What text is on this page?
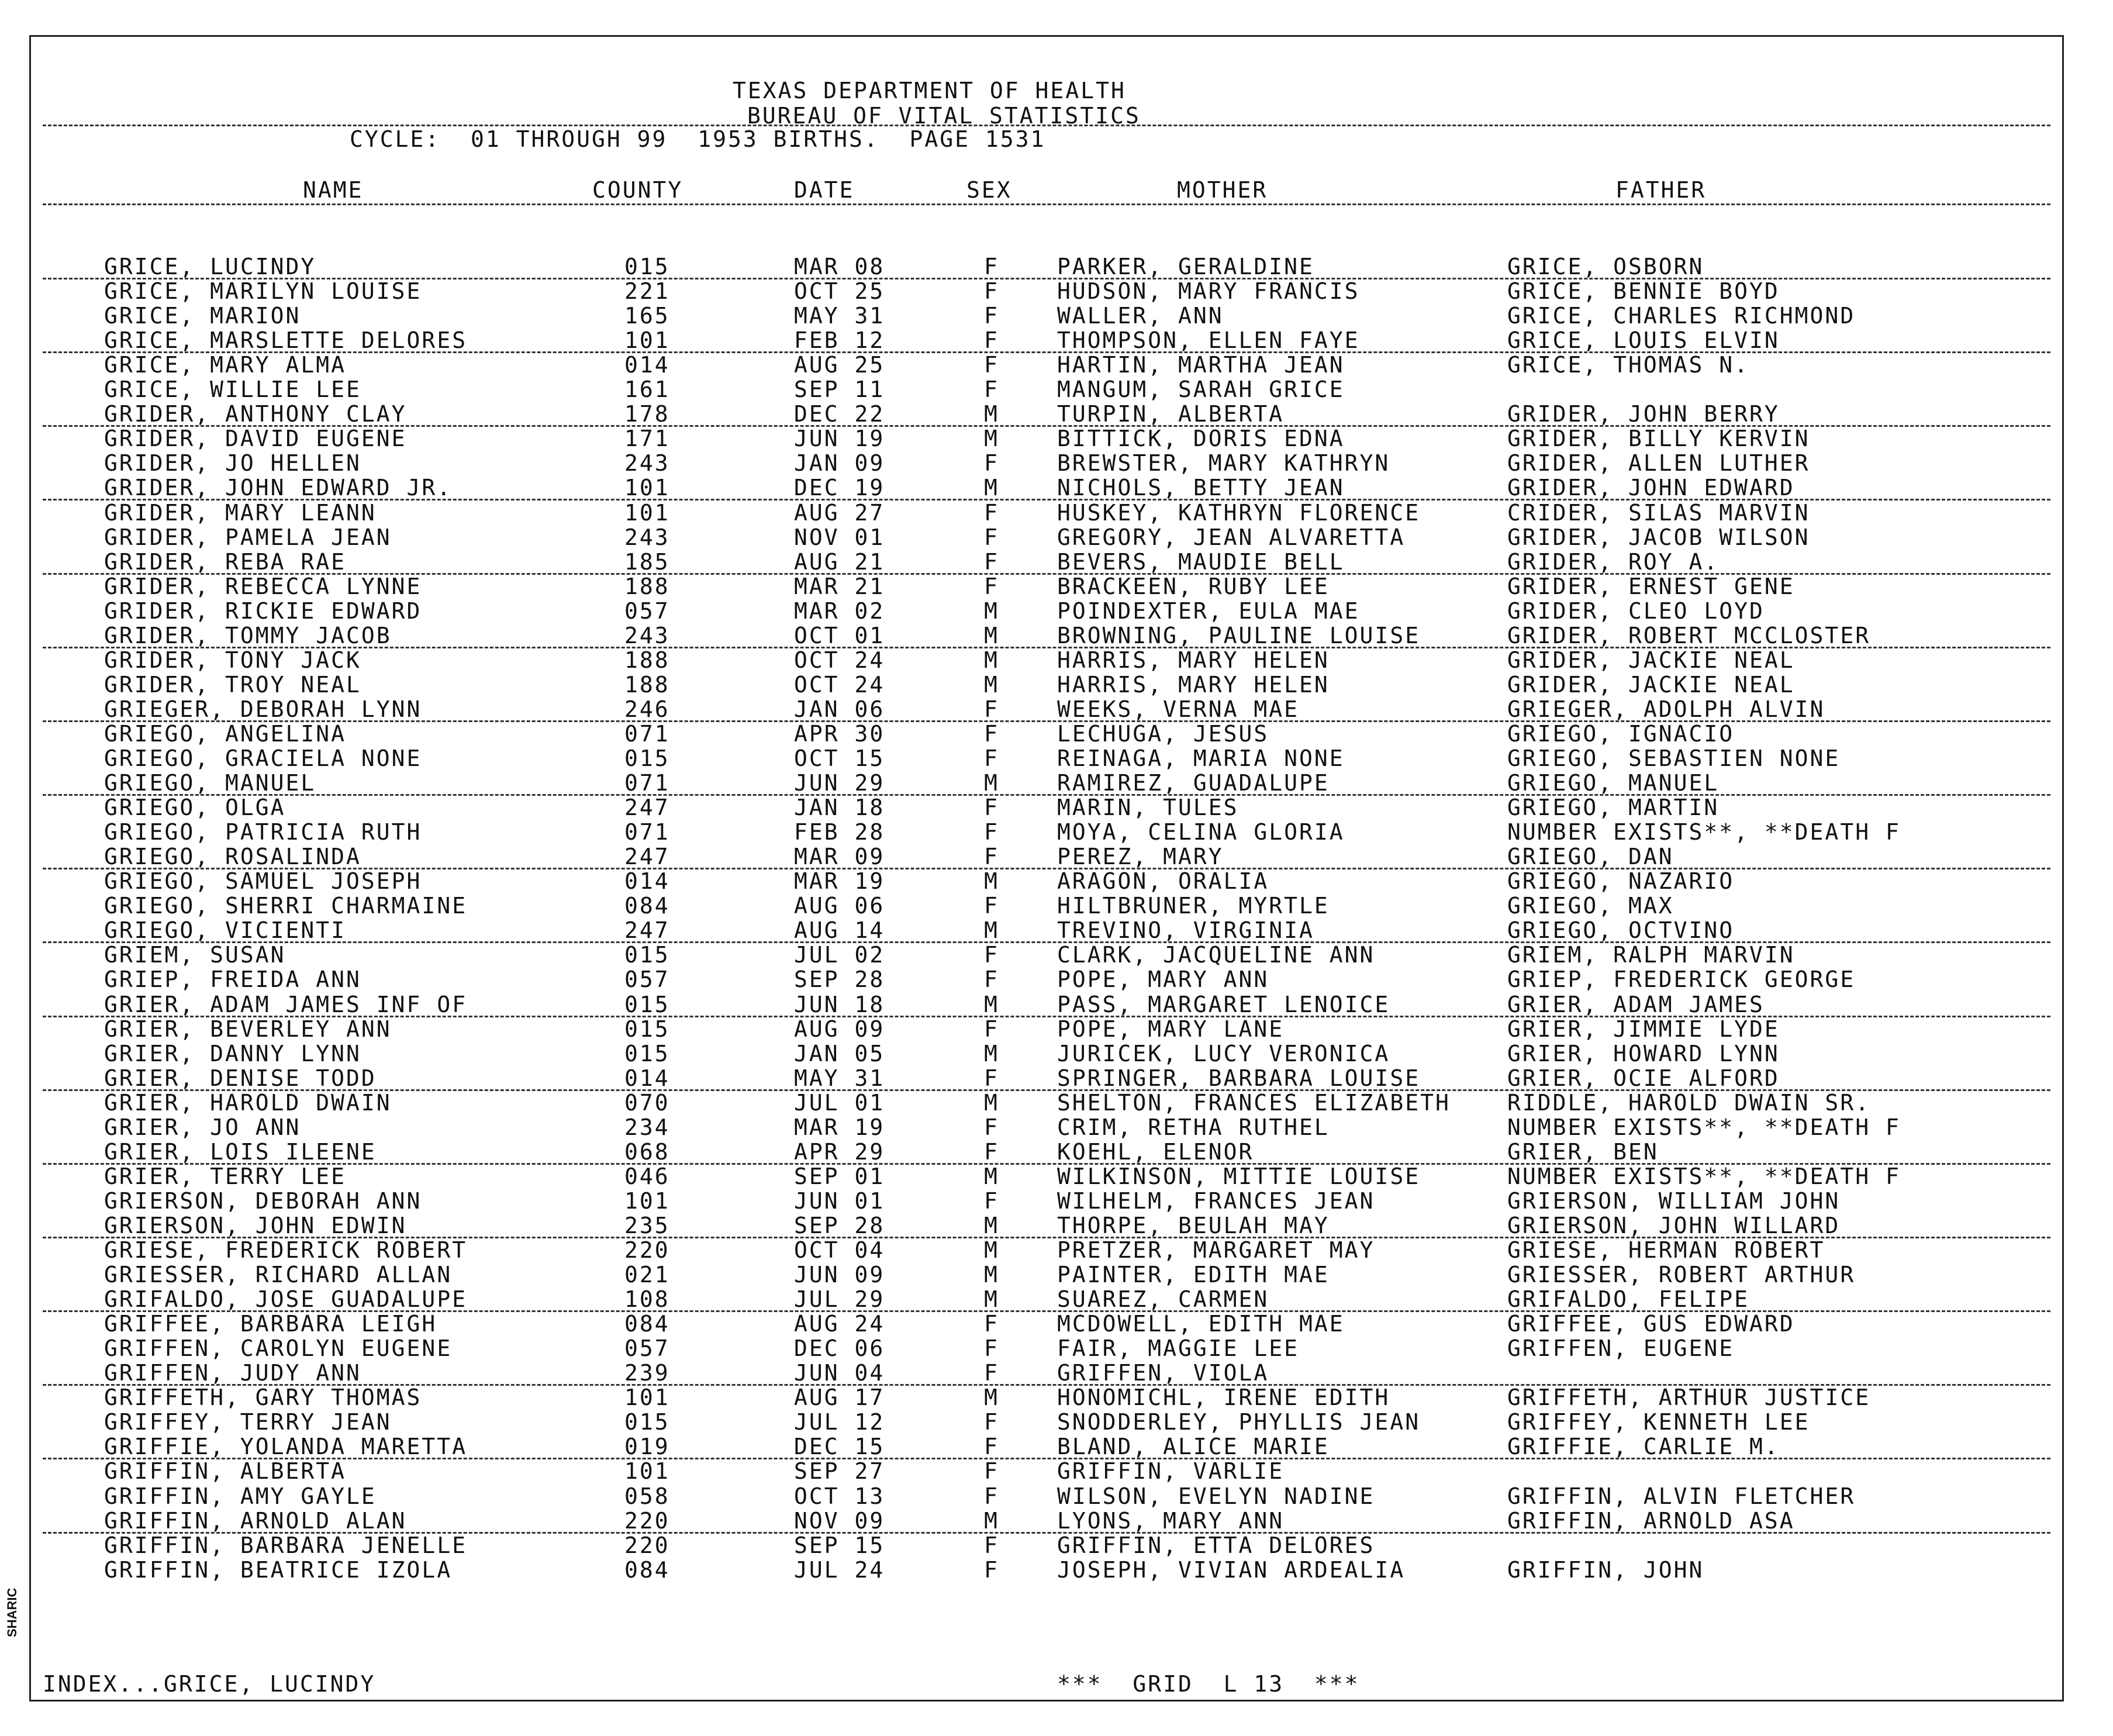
TEXAS DEPARTMENT OF HEALTH
BUREAU OF VITAL STATISTICS
CYCLE:  01 THROUGH 99  1953 BIRTHS.  PAGE 1531
NAME	COUNTY	DATE	SEX	MOTHER	FATHER
GRICE, LUCINDY	015	MAR 08	F	PARKER, GERALDINE	GRICE, OSBORN
GRICE, MARILYN LOUISE	221	OCT 25	F	HUDSON, MARY FRANCIS	GRICE, BENNIE BOYD
GRICE, MARION	165	MAY 31	F	WALLER, ANN	GRICE, CHARLES RICHMOND
GRICE, MARSLETTE DELORES	101	FEB 12	F	THOMPSON, ELLEN FAYE	GRICE, LOUIS ELVIN
GRICE, MARY ALMA	014	AUG 25	F	HARTIN, MARTHA JEAN	GRICE, THOMAS N.
GRICE, WILLIE LEE	161	SEP 11	F	MANGUM, SARAH GRICE
GRIDER, ANTHONY CLAY	178	DEC 22	M	TURPIN, ALBERTA	GRIDER, JOHN BERRY
GRIDER, DAVID EUGENE	171	JUN 19	M	BITTICK, DORIS EDNA	GRIDER, BILLY KERVIN
GRIDER, JO HELLEN	243	JAN 09	F	BREWSTER, MARY KATHRYN	GRIDER, ALLEN LUTHER
GRIDER, JOHN EDWARD JR.	101	DEC 19	M	NICHOLS, BETTY JEAN	GRIDER, JOHN EDWARD
GRIDER, MARY LEANN	101	AUG 27	F	HUSKEY, KATHRYN FLORENCE	CRIDER, SILAS MARVIN
GRIDER, PAMELA JEAN	243	NOV 01	F	GREGORY, JEAN ALVARETTA	GRIDER, JACOB WILSON
GRIDER, REBA RAE	185	AUG 21	F	BEVERS, MAUDIE BELL	GRIDER, ROY A.
GRIDER, REBECCA LYNNE	188	MAR 21	F	BRACKEEN, RUBY LEE	GRIDER, ERNEST GENE
GRIDER, RICKIE EDWARD	057	MAR 02	M	POINDEXTER, EULA MAE	GRIDER, CLEO LOYD
GRIDER, TOMMY JACOB	243	OCT 01	M	BROWNING, PAULINE LOUISE	GRIDER, ROBERT MCCLOSTER
GRIDER, TONY JACK	188	OCT 24	M	HARRIS, MARY HELEN	GRIDER, JACKIE NEAL
GRIDER, TROY NEAL	188	OCT 24	M	HARRIS, MARY HELEN	GRIDER, JACKIE NEAL
GRIEGER, DEBORAH LYNN	246	JAN 06	F	WEEKS, VERNA MAE	GRIEGER, ADOLPH ALVIN
GRIEGO, ANGELINA	071	APR 30	F	LECHUGA, JESUS	GRIEGO, IGNACIO
GRIEGO, GRACIELA NONE	015	OCT 15	F	REINAGA, MARIA NONE	GRIEGO, SEBASTIEN NONE
GRIEGO, MANUEL	071	JUN 29	M	RAMIREZ, GUADALUPE	GRIEGO, MANUEL
GRIEGO, OLGA	247	JAN 18	F	MARIN, TULES	GRIEGO, MARTIN
GRIEGO, PATRICIA RUTH	071	FEB 28	F	MOYA, CELINA GLORIA	NUMBER EXISTS**, **DEATH F
GRIEGO, ROSALINDA	247	MAR 09	F	PEREZ, MARY	GRIEGO, DAN
GRIEGO, SAMUEL JOSEPH	014	MAR 19	M	ARAGON, ORALIA	GRIEGO, NAZARIO
GRIEGO, SHERRI CHARMAINE	084	AUG 06	F	HILTBRUNER, MYRTLE	GRIEGO, MAX
GRIEGO, VICIENTI	247	AUG 14	M	TREVINO, VIRGINIA	GRIEGO, OCTVINO
GRIEM, SUSAN	015	JUL 02	F	CLARK, JACQUELINE ANN	GRIEM, RALPH MARVIN
GRIEP, FREIDA ANN	057	SEP 28	F	POPE, MARY ANN	GRIEP, FREDERICK GEORGE
GRIER, ADAM JAMES INF OF	015	JUN 18	M	PASS, MARGARET LENOICE	GRIER, ADAM JAMES
GRIER, BEVERLEY ANN	015	AUG 09	F	POPE, MARY LANE	GRIER, JIMMIE LYDE
GRIER, DANNY LYNN	015	JAN 05	M	JURICEK, LUCY VERONICA	GRIER, HOWARD LYNN
GRIER, DENISE TODD	014	MAY 31	F	SPRINGER, BARBARA LOUISE	GRIER, OCIE ALFORD
GRIER, HAROLD DWAIN	070	JUL 01	M	SHELTON, FRANCES ELIZABETH	RIDDLE, HAROLD DWAIN SR.
GRIER, JO ANN	234	MAR 19	F	CRIM, RETHA RUTHEL	NUMBER EXISTS**, **DEATH F
GRIER, LOIS ILEENE	068	APR 29	F	KOEHL, ELENOR	GRIER, BEN
GRIER, TERRY LEE	046	SEP 01	M	WILKINSON, MITTIE LOUISE	NUMBER EXISTS**, **DEATH F
GRIERSON, DEBORAH ANN	101	JUN 01	F	WILHELM, FRANCES JEAN	GRIERSON, WILLIAM JOHN
GRIERSON, JOHN EDWIN	235	SEP 28	M	THORPE, BEULAH MAY	GRIERSON, JOHN WILLARD
GRIESE, FREDERICK ROBERT	220	OCT 04	M	PRETZER, MARGARET MAY	GRIESE, HERMAN ROBERT
GRIESSER, RICHARD ALLAN	021	JUN 09	M	PAINTER, EDITH MAE	GRIESSER, ROBERT ARTHUR
GRIFALDO, JOSE GUADALUPE	108	JUL 29	M	SUAREZ, CARMEN	GRIFALDO, FELIPE
GRIFFEE, BARBARA LEIGH	084	AUG 24	F	MCDOWELL, EDITH MAE	GRIFFEE, GUS EDWARD
GRIFFEN, CAROLYN EUGENE	057	DEC 06	F	FAIR, MAGGIE LEE	GRIFFEN, EUGENE
GRIFFEN, JUDY ANN	239	JUN 04	F	GRIFFEN, VIOLA
GRIFFETH, GARY THOMAS	101	AUG 17	M	HONOMICHL, IRENE EDITH	GRIFFETH, ARTHUR JUSTICE
GRIFFEY, TERRY JEAN	015	JUL 12	F	SNODDERLEY, PHYLLIS JEAN	GRIFFEY, KENNETH LEE
GRIFFIE, YOLANDA MARETTA	019	DEC 15	F	BLAND, ALICE MARIE	GRIFFIE, CARLIE M.
GRIFFIN, ALBERTA	101	SEP 27	F	GRIFFIN, VARLIE
GRIFFIN, AMY GAYLE	058	OCT 13	F	WILSON, EVELYN NADINE	GRIFFIN, ALVIN FLETCHER
GRIFFIN, ARNOLD ALAN	220	NOV 09	M	LYONS, MARY ANN	GRIFFIN, ARNOLD ASA
GRIFFIN, BARBARA JENELLE	220	SEP 15	F	GRIFFIN, ETTA DELORES
GRIFFIN, BEATRICE IZOLA	084	JUL 24	F	JOSEPH, VIVIAN ARDEALIA	GRIFFIN, JOHN
INDEX...GRICE, LUCINDY	***  GRID  L 13  ***
SHARIC
